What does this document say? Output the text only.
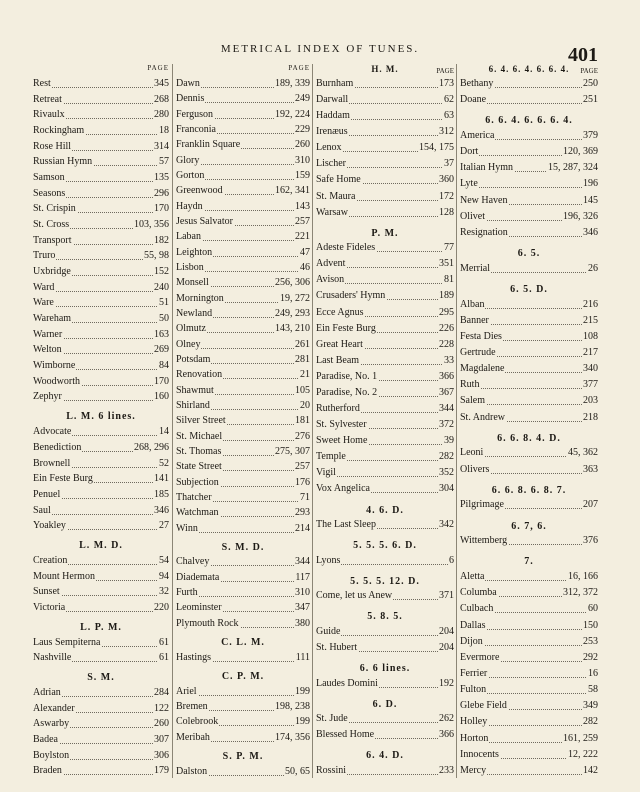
METRICAL INDEX OF TUNES.	401
PAGE
Rest	345
Retreat	268
Rivaulx	280
Rockingham	18
Rose Hill	314
Russian Hymn	57
Samson	135
Seasons	296
St. Crispin	170
St. Cross	103, 356
Transport	182
Truro	55, 98
Uxbridge	152
Ward	240
Ware	51
Wareham	50
Warner	163
Welton	269
Wimborne	84
Woodworth	170
Zephyr	160
L. M. 6 lines.
Advocate	14
Benediction	268, 296
Brownell	52
Ein Feste Burg	141
Penuel	185
Saul	346
Yoakley	27
L. M. D.
Creation	54
Mount Hermon	94
Sunset	32
Victoria	220
L. P. M.
Laus Sempiterna	61
Nashville	61
S. M.
Adrian	284
Alexander	122
Aswarby	260
Badea	307
Boylston	306
Braden	179
PAGE
Dawn	189, 339
Dennis	249
Ferguson	192, 224
Franconia	229
Franklin Square	260
Glory	310
Gorton	159
Greenwood	162, 341
Haydn	143
Jesus Salvator	257
Laban	221
Leighton	47
Lisbon	46
Monsell	256, 306
Mornington	19, 272
Newland	249, 293
Olmutz	143, 210
Olney	261
Potsdam	281
Renovation	21
Shawmut	105
Shirland	20
Silver Street	181
St. Michael	276
St. Thomas	275, 307
State Street	257
Subjection	176
Thatcher	71
Watchman	293
Winn	214
S. M. D.
Chalvey	344
Diademata	117
Furth	310
Leominster	347
Plymouth Rock	380
C. L. M.
Hastings	111
C. P. M.
Ariel	199
Bremen	198, 238
Colebrook	199
Meribah	174, 356
S. P. M.
Dalston	50, 65
H. M.	PAGE
Burnham	173
Darwall	62
Haddam	63
Irenæus	312
Lenox	154, 175
Lischer	37
Safe Home	360
St. Maura	172
Warsaw	128
P. M.
Adeste Fideles	77
Advent	351
Avison	81
Crusaders' Hymn	189
Ecce Agnus	295
Ein Feste Burg	226
Great Heart	228
Last Beam	33
Paradise, No. 1	366
Paradise, No. 2	367
Rutherford	344
St. Sylvester	372
Sweet Home	39
Temple	282
Vigil	352
Vox Angelica	304
4. 6. D.
The Last Sleep	342
5. 5. 5. 6. D.
Lyons	6
5. 5. 5. 12. D.
Come, let us Anew	371
5. 8. 5.
Guide	204
St. Hubert	204
6. 6 lines.
Laudes Domini	192
6. D.
St. Jude	262
Blessed Home	366
6. 4. D.
Rossini	233
6. 4. 6. 4. 6. 6. 4.	PAGE
Bethany	250
Doane	251
6. 6. 4. 6. 6. 6. 4.
America	379
Dort	120, 369
Italian Hymn	15, 287, 324
Lyte	196
New Haven	145
Olivet	196, 326
Resignation	346
6. 5.
Merrial	26
6. 5. D.
Alban	216
Banner	215
Festa Dies	108
Gertrude	217
Magdalene	340
Ruth	377
Salem	203
St. Andrew	218
6. 6. 8. 4. D.
Leoni	45, 362
Olivers	363
6. 6. 8. 6. 8. 7.
Pilgrimage	207
6. 7, 6.
Wittemberg	376
7.
Aletta	16, 166
Columba	312, 372
Culbach	60
Dallas	150
Dijon	253
Evermore	292
Ferrier	16
Fulton	58
Glebe Field	349
Holley	282
Horton	161, 259
Innocents	12, 222
Mercy	142
